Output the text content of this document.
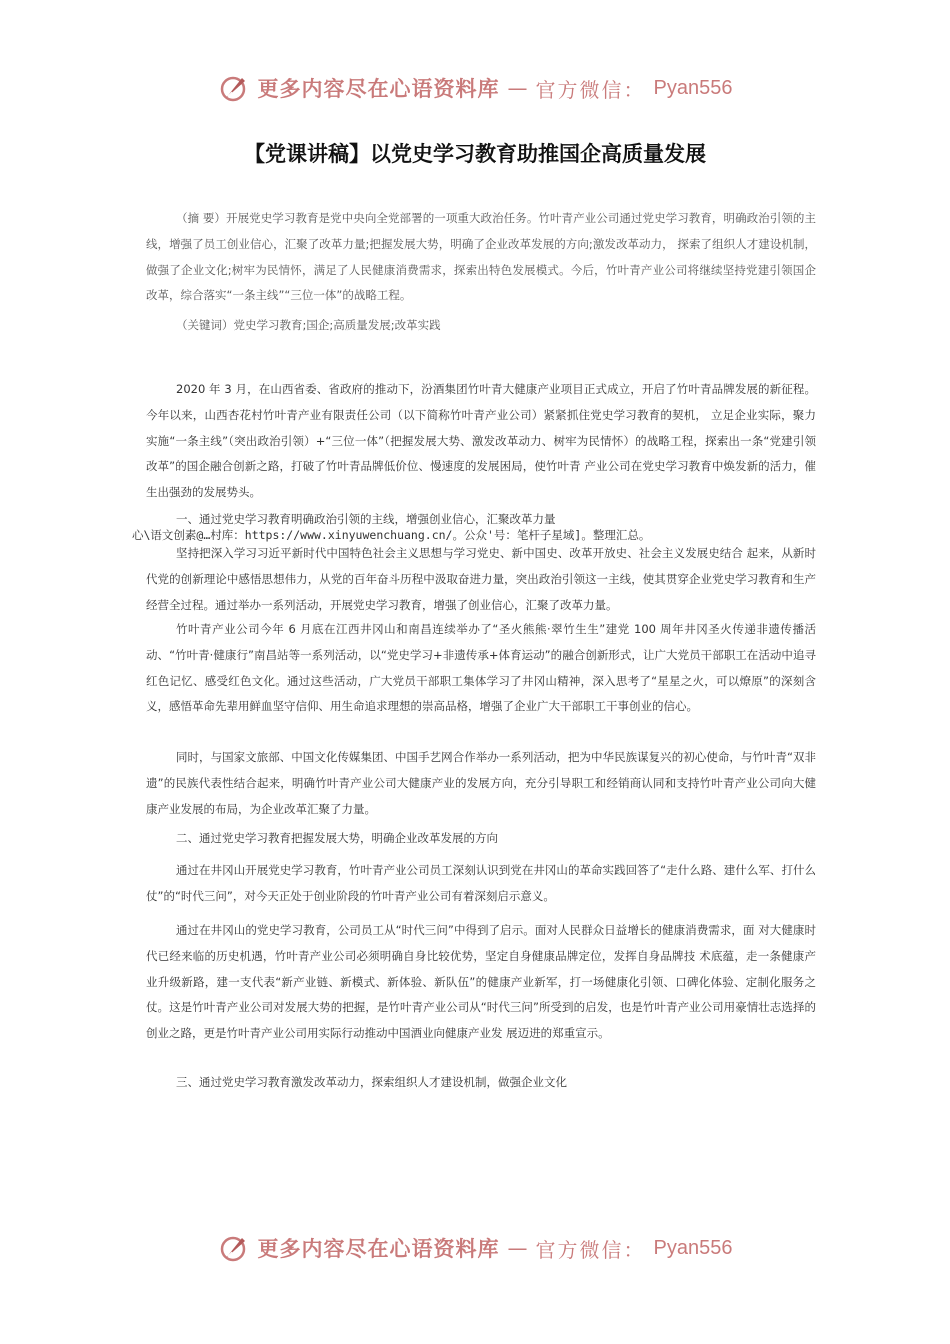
更多内容尽在心语资料库 — 官方微信： Pyan556
【党课讲稿】以党史学习教育助推国企高质量发展

（摘 要）开展党史学习教育是党中央向全党部署的一项重大政治任务。竹叶青产业公司通过党史学习教育，明确政治引领的主线，增强了员工创业信心，汇聚了改革力量;把握发展大势，明确了企业改革发展的方向;激发改革动力， 探索了组织人才建设机制，做强了企业文化;树牢为民情怀，满足了人民健康消费需求，探索出特色发展模式。今后，竹叶青产业公司将继续坚持党建引领国企改革，综合落实“一条主线”“三位一体”的战略工程。

（关键词）党史学习教育;国企;高质量发展;改革实践

2020 年 3 月，在山西省委、省政府的推动下，汾酒集团竹叶青大健康产业项目正式成立，开启了竹叶青品牌发展的新征程。今年以来，山西杏花村竹叶青产业有限责任公司（以下简称竹叶青产业公司）紧紧抓住党史学习教育的契机， 立足企业实际，聚力实施“一条主线”（突出政治引领）+“三位一体”（把握发展大势、激发改革动力、树牢为民情怀）的战略工程，探索出一条“党建引领改革”的国企融合创新之路，打破了竹叶青品牌低价位、慢速度的发展困局，使竹叶青 产业公司在党史学习教育中焕发新的活力，催生出强劲的发展势头。

一、通过党史学习教育明确政治引领的主线，增强创业信心，汇聚改革力量

心\语文创素@…村库：https://www.xinyuwenchuang.cn/。公众'号：笔杆子星域]。整理汇总。

坚持把深入学习习近平新时代中国特色社会主义思想与学习党史、新中国史、改革开放史、社会主义发展史结合 起来，从新时代党的创新理论中感悟思想伟力，从党的百年奋斗历程中汲取奋进力量，突出政治引领这一主线，使其贯穿企业党史学习教育和生产经营全过程。通过举办一系列活动，开展党史学习教育，增强了创业信心，汇聚了改革力量。

竹叶青产业公司今年 6 月底在江西井冈山和南昌连续举办了“圣火熊熊·翠竹生生”建党 100 周年井冈圣火传递非遗传播活动、“竹叶青·健康行”南昌站等一系列活动，以“党史学习+非遗传承+体育运动”的融合创新形式，让广大党员干部职工在活动中追寻红色记忆、感受红色文化。通过这些活动，广大党员干部职工集体学习了井冈山精神，深入思考了“星星之火，可以燎原”的深刻含义，感悟革命先辈用鲜血坚守信仰、用生命追求理想的崇高品格，增强了企业广大干部职工干事创业的信心。

同时，与国家文旅部、中国文化传媒集团、中国手艺网合作举办一系列活动，把为中华民族谋复兴的初心使命，与竹叶青“双非遗”的民族代表性结合起来，明确竹叶青产业公司大健康产业的发展方向，充分引导职工和经销商认同和支持竹叶青产业公司向大健康产业发展的布局，为企业改革汇聚了力量。

二、通过党史学习教育把握发展大势，明确企业改革发展的方向

通过在井冈山开展党史学习教育，竹叶青产业公司员工深刻认识到党在井冈山的革命实践回答了“走什么路、建什么军、打什么仗”的“时代三问”，对今天正处于创业阶段的竹叶青产业公司有着深刻启示意义。

通过在井冈山的党史学习教育，公司员工从“时代三问”中得到了启示。面对人民群众日益增长的健康消费需求，面 对大健康时代已经来临的历史机遇，竹叶青产业公司必须明确自身比较优势，坚定自身健康品牌定位，发挥自身品牌技 术底蕴，走一条健康产业升级新路，建一支代表“新产业链、新模式、新体验、新队伍”的健康产业新军，打一场健康化引领、口碑化体验、定制化服务之仗。这是竹叶青产业公司对发展大势的把握，是竹叶青产业公司从“时代三问”所受到的启发，也是竹叶青产业公司用豪情壮志选择的创业之路，更是竹叶青产业公司用实际行动推动中国酒业向健康产业发 展迈进的郑重宣示。

三、通过党史学习教育激发改革动力，探索组织人才建设机制，做强企业文化

更多内容尽在心语资料库 — 官方微信： Pyan556
